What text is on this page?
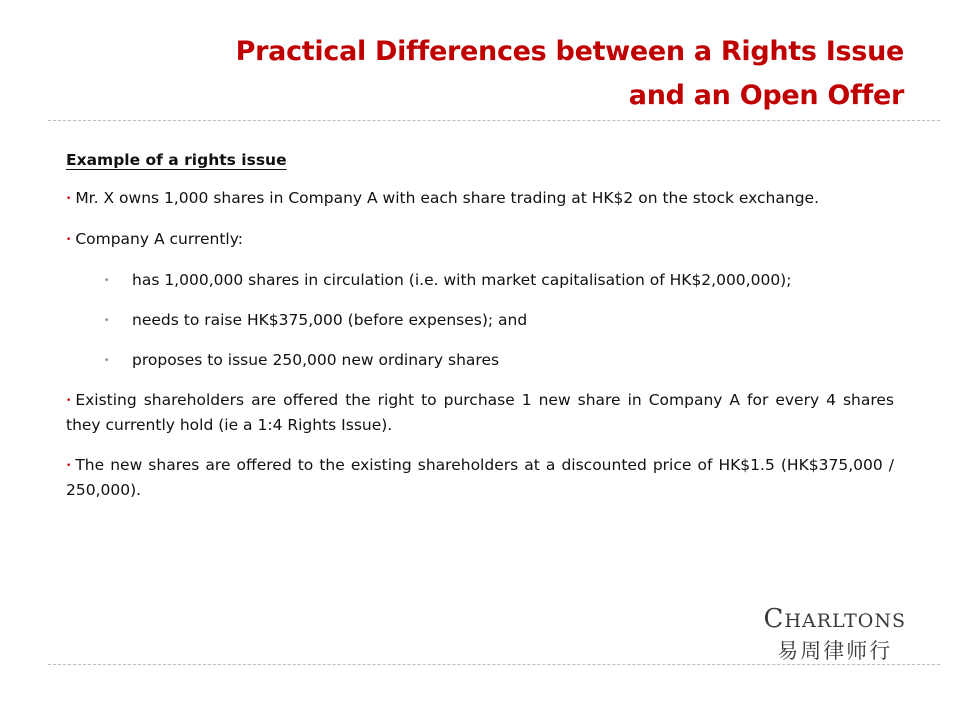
Practical Differences between a Rights Issue
and an Open Offer
Example of a rights issue
• Mr. X owns 1,000 shares in Company A with each share trading at HK$2 on the stock exchange.
• Company A currently:
• has 1,000,000 shares in circulation (i.e. with market capitalisation of HK$2,000,000);
• needs to raise HK$375,000 (before expenses); and
• proposes to issue 250,000 new ordinary shares
• Existing shareholders are offered the right to purchase 1 new share in Company A for every 4 shares they currently hold (ie a 1:4 Rights Issue).
• The new shares are offered to the existing shareholders at a discounted price of HK$1.5 (HK$375,000 / 250,000).
CHARLTONS
易周律师行
